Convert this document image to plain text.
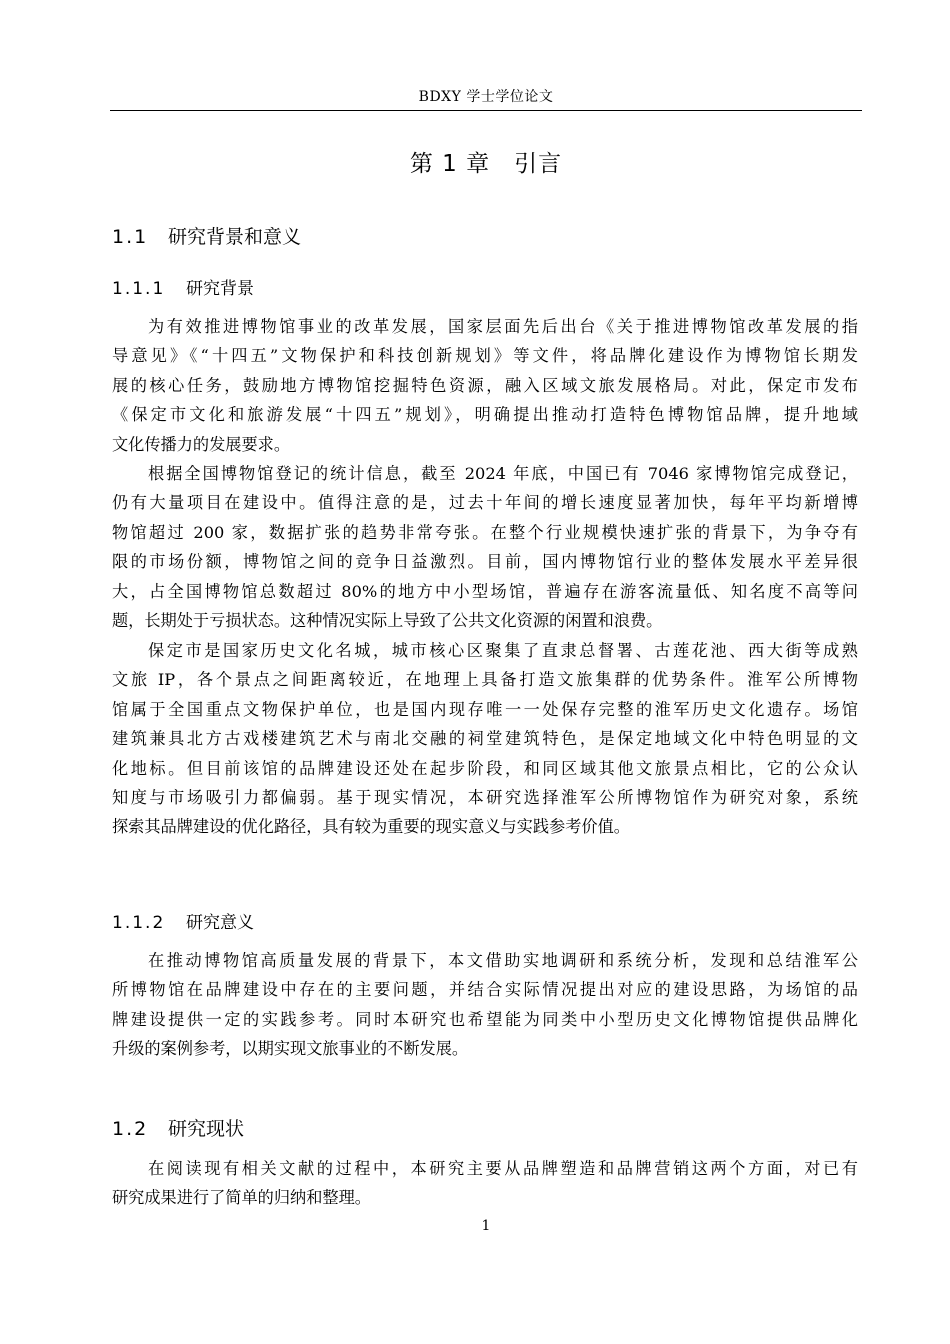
BDXY 学士学位论文
第 1 章　引言
1.1 研究背景和意义
1.1.1 研究背景
为有效推进博物馆事业的改革发展，国家层面先后出台《关于推进博物馆改革发展的指
导意见》《“十四五”文物保护和科技创新规划》等文件，将品牌化建设作为博物馆长期发
展的核心任务，鼓励地方博物馆挖掘特色资源，融入区域文旅发展格局。对此，保定市发布
《保定市文化和旅游发展“十四五”规划》，明确提出推动打造特色博物馆品牌，提升地域
文化传播力的发展要求。
根据全国博物馆登记的统计信息，截至 2024 年底，中国已有 7046 家博物馆完成登记，
仍有大量项目在建设中。值得注意的是，过去十年间的增长速度显著加快，每年平均新增博
物馆超过 200 家，数据扩张的趋势非常夸张。在整个行业规模快速扩张的背景下，为争夺有
限的市场份额，博物馆之间的竞争日益激烈。目前，国内博物馆行业的整体发展水平差异很
大，占全国博物馆总数超过 80%的地方中小型场馆，普遍存在游客流量低、知名度不高等问
题，长期处于亏损状态。这种情况实际上导致了公共文化资源的闲置和浪费。
保定市是国家历史文化名城，城市核心区聚集了直隶总督署、古莲花池、西大街等成熟
文旅 IP，各个景点之间距离较近，在地理上具备打造文旅集群的优势条件。淮军公所博物
馆属于全国重点文物保护单位，也是国内现存唯一一处保存完整的淮军历史文化遗存。场馆
建筑兼具北方古戏楼建筑艺术与南北交融的祠堂建筑特色，是保定地域文化中特色明显的文
化地标。但目前该馆的品牌建设还处在起步阶段，和同区域其他文旅景点相比，它的公众认
知度与市场吸引力都偏弱。基于现实情况，本研究选择淮军公所博物馆作为研究对象，系统
探索其品牌建设的优化路径，具有较为重要的现实意义与实践参考价值。
1.1.2 研究意义
在推动博物馆高质量发展的背景下，本文借助实地调研和系统分析，发现和总结淮军公
所博物馆在品牌建设中存在的主要问题，并结合实际情况提出对应的建设思路，为场馆的品
牌建设提供一定的实践参考。同时本研究也希望能为同类中小型历史文化博物馆提供品牌化
升级的案例参考，以期实现文旅事业的不断发展。
1.2 研究现状
在阅读现有相关文献的过程中，本研究主要从品牌塑造和品牌营销这两个方面，对已有
研究成果进行了简单的归纳和整理。
1
